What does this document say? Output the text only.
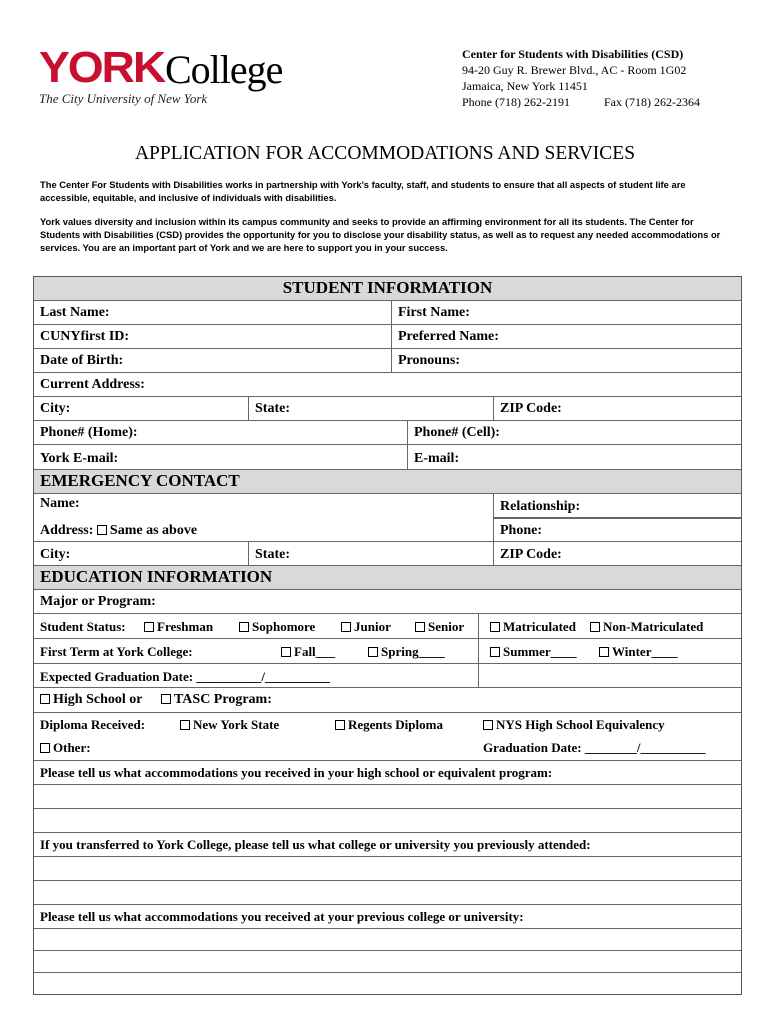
YORK College
The City University of New York
Center for Students with Disabilities (CSD)
94-20 Guy R. Brewer Blvd., AC - Room 1G02
Jamaica, New York 11451
Phone (718) 262-2191	Fax (718) 262-2364
APPLICATION FOR ACCOMMODATIONS AND SERVICES
The Center For Students with Disabilities works in partnership with York's faculty, staff, and students to ensure that all aspects of student life are accessible, equitable, and inclusive of individuals with disabilities.
York values diversity and inclusion within its campus community and seeks to provide an affirming environment for all its students. The Center for Students with Disabilities (CSD) provides the opportunity for you to disclose your disability status, as well as to request any needed accommodations or services. You are an important part of York and we are here to support you in your success.
STUDENT INFORMATION
Last Name:	First Name:
CUNYfirst ID:	Preferred Name:
Date of Birth:	Pronouns:
Current Address:
City:	State:	ZIP Code:
Phone# (Home):	Phone# (Cell):
York E-mail:	E-mail:
EMERGENCY CONTACT
Name:	Relationship:
Address: Same as above	Phone:
City:	State:	ZIP Code:
EDUCATION INFORMATION
Major or Program:
Student Status:	Freshman	Sophomore	Junior	Senior	Matriculated	Non-Matriculated
First Term at York College:	Fall___	Spring____	Summer____	Winter____
Expected Graduation Date: __________/__________
High School or	TASC Program:
Diploma Received:	New York State	Regents Diploma	NYS High School Equivalency
Other:	Graduation Date: ________/__________
Please tell us what accommodations you received in your high school or equivalent program:
If you transferred to York College, please tell us what college or university you previously attended:
Please tell us what accommodations you received at your previous college or university:
